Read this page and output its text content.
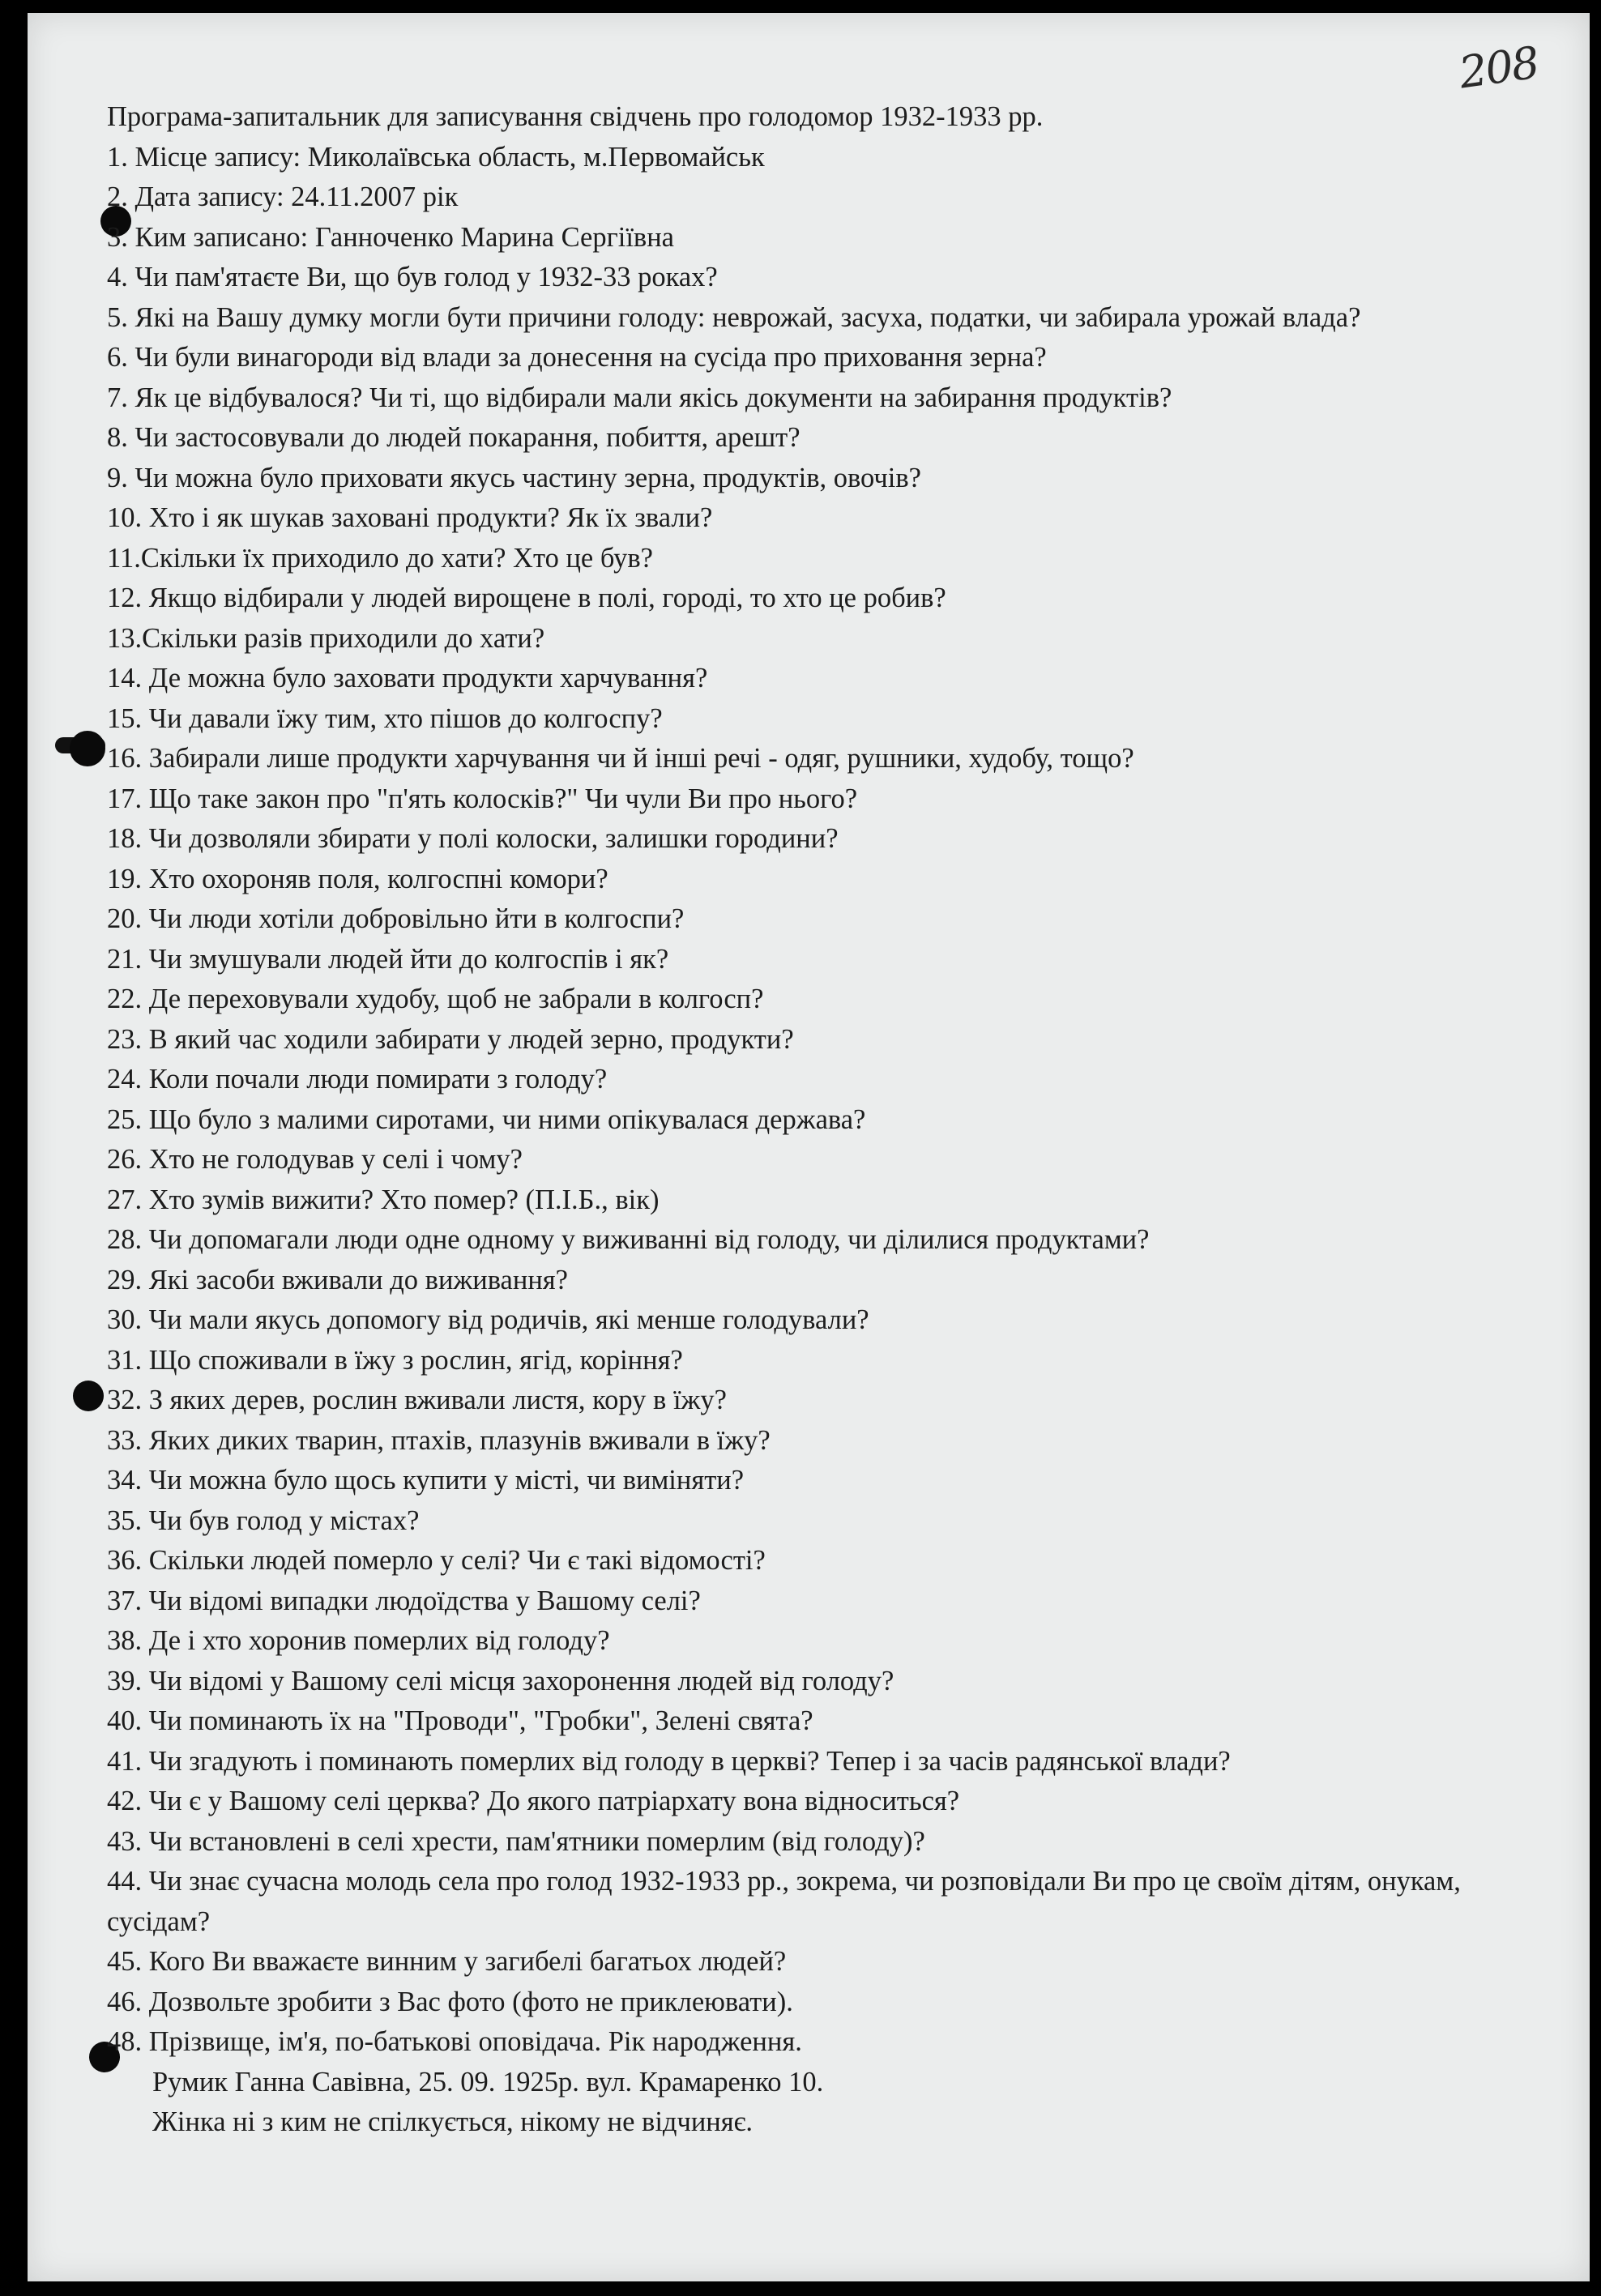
208
Програма-запитальник для записування свідчень про голодомор 1932-1933 рр.
1. Місце запису: Миколаївська область, м.Первомайськ
2. Дата запису: 24.11.2007 рік
3. Ким записано: Ганноченко Марина Сергіївна
4. Чи пам'ятаєте Ви, що був голод у 1932-33 роках?
5. Які на Вашу думку могли бути причини голоду: неврожай, засуха, податки, чи забирала урожай влада?
6. Чи були винагороди від влади за донесення на сусіда про приховання зерна?
7. Як це відбувалося? Чи ті, що відбирали мали якісь документи на забирання продуктів?
8. Чи застосовували до людей покарання, побиття, арешт?
9. Чи можна було приховати якусь частину зерна, продуктів, овочів?
10. Хто і як шукав заховані продукти? Як їх звали?
11.Скільки їх приходило до хати? Хто це був?
12. Якщо відбирали у людей вирощене в полі, городі, то хто це робив?
13.Скільки разів приходили до хати?
14. Де можна було заховати продукти харчування?
15. Чи давали їжу тим, хто пішов до колгоспу?
16. Забирали лише продукти харчування чи й інші речі - одяг, рушники, худобу, тощо?
17. Що таке закон про "п'ять колосків?" Чи чули Ви про нього?
18. Чи дозволяли збирати у полі колоски, залишки городини?
19. Хто охороняв поля, колгоспні комори?
20. Чи люди хотіли добровільно йти в колгоспи?
21. Чи змушували людей йти до колгоспів і як?
22. Де переховували худобу, щоб не забрали в колгосп?
23. В який час ходили забирати у людей зерно, продукти?
24. Коли почали люди помирати з голоду?
25. Що було з малими сиротами, чи ними опікувалася держава?
26. Хто не голодував у селі і чому?
27. Хто зумів вижити? Хто помер? (П.І.Б., вік)
28. Чи допомагали люди одне одному у виживанні від голоду, чи ділилися продуктами?
29. Які засоби вживали до виживання?
30. Чи мали якусь допомогу від родичів, які менше голодували?
31. Що споживали в їжу з рослин, ягід, коріння?
32. З яких дерев, рослин вживали листя, кору в їжу?
33. Яких диких тварин, птахів, плазунів вживали в їжу?
34. Чи можна було щось купити у місті, чи виміняти?
35. Чи був голод у містах?
36. Скільки людей померло у селі? Чи є такі відомості?
37. Чи відомі випадки людоїдства у Вашому селі?
38. Де і хто хоронив померлих від голоду?
39. Чи відомі у Вашому селі місця захоронення людей від голоду?
40. Чи поминають їх на "Проводи", "Гробки", Зелені свята?
41. Чи згадують і поминають померлих від голоду в церкві? Тепер і за часів радянської влади?
42. Чи є у Вашому селі церква? До якого патріархату вона відноситься?
43. Чи встановлені в селі хрести, пам'ятники померлим (від голоду)?
44. Чи знає сучасна молодь села про голод 1932-1933 рр., зокрема, чи розповідали Ви про це своїм дітям, онукам, сусідам?
45. Кого Ви вважаєте винним у загибелі багатьох людей?
46. Дозвольте зробити з Вас фото (фото не приклеювати).
48. Прізвище, ім'я, по-батькові оповідача. Рік народження.
Румик Ганна Савівна, 25. 09. 1925р. вул. Крамаренко 10.
Жінка ні з ким не спілкується, нікому не відчиняє.
